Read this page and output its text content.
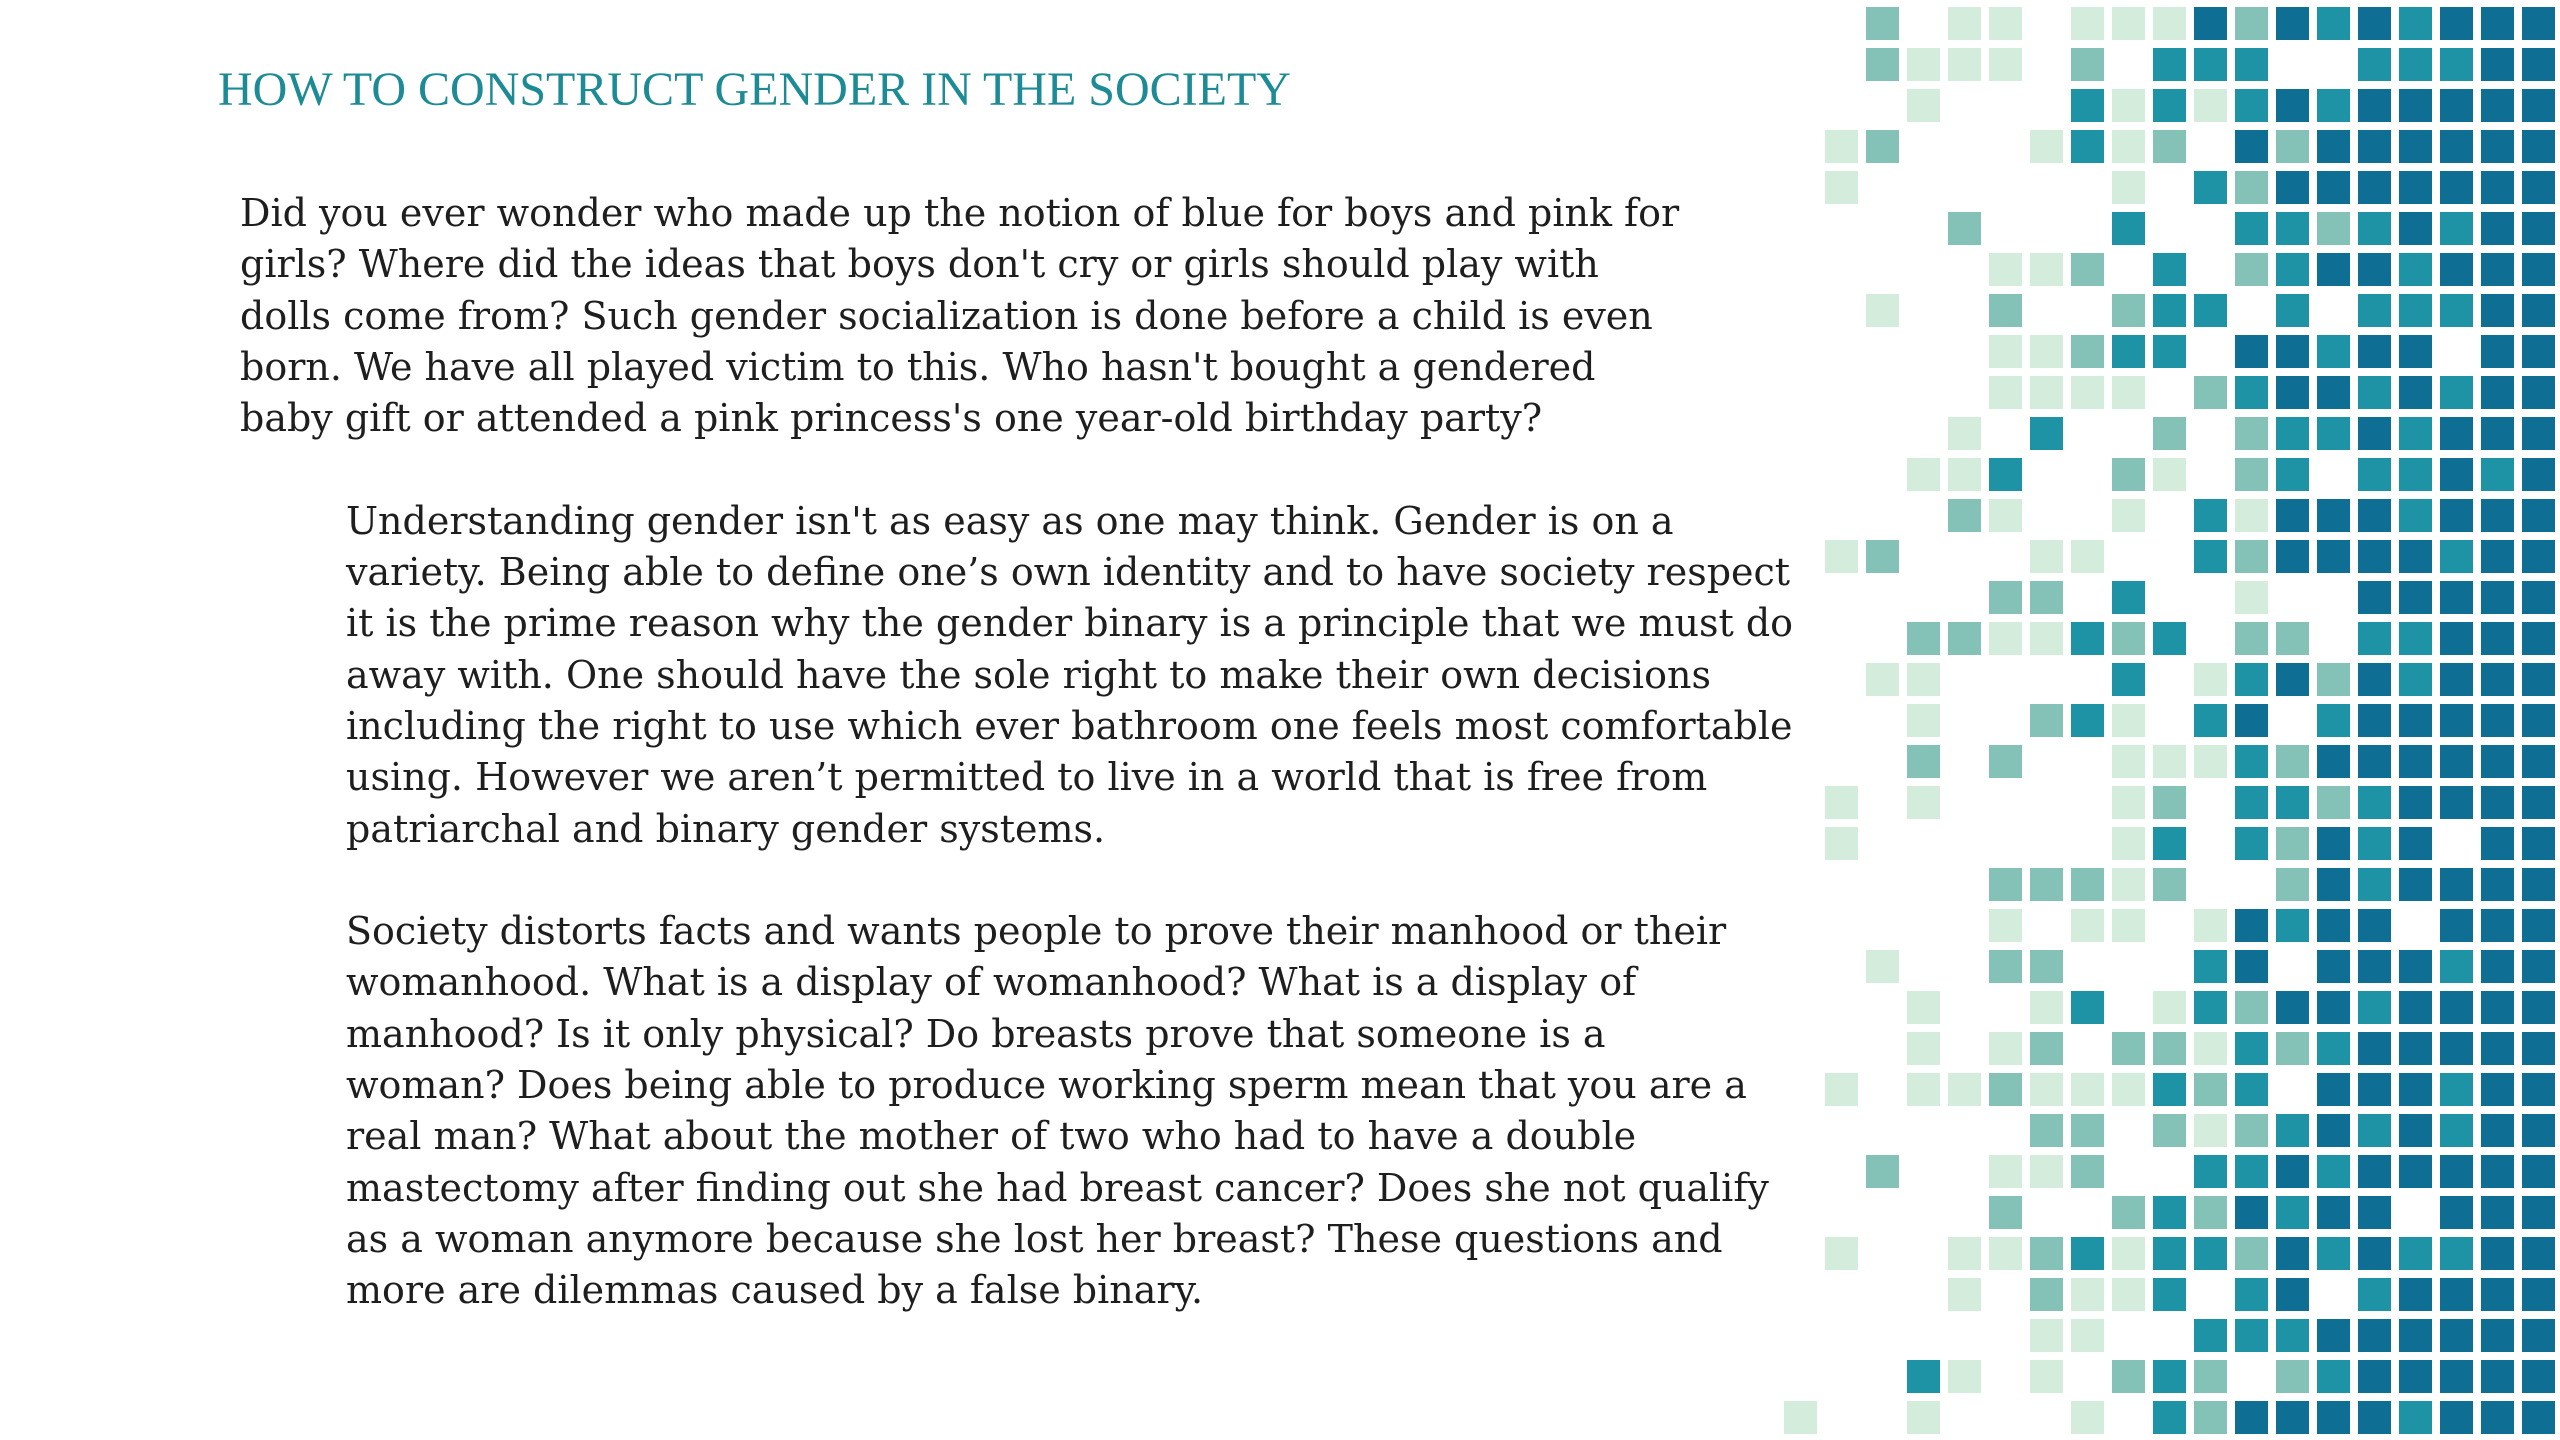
HOW TO CONSTRUCT GENDER IN THE SOCIETY

Did you ever wonder who made up the notion of blue for boys and pink for
girls? Where did the ideas that boys don't cry or girls should play with
dolls come from? Such gender socialization is done before a child is even
born. We have all played victim to this. Who hasn't bought a gendered
baby gift or attended a pink princess's one year-old birthday party?

Understanding gender isn't as easy as one may think. Gender is on a
variety. Being able to define one’s own identity and to have society respect
it is the prime reason why the gender binary is a principle that we must do
away with. One should have the sole right to make their own decisions
including the right to use which ever bathroom one feels most comfortable
using. However we aren’t permitted to live in a world that is free from
patriarchal and binary gender systems.

Society distorts facts and wants people to prove their manhood or their
womanhood. What is a display of womanhood? What is a display of
manhood? Is it only physical? Do breasts prove that someone is a
woman? Does being able to produce working sperm mean that you are a
real man? What about the mother of two who had to have a double
mastectomy after finding out she had breast cancer? Does she not qualify
as a woman anymore because she lost her breast? These questions and
more are dilemmas caused by a false binary.
